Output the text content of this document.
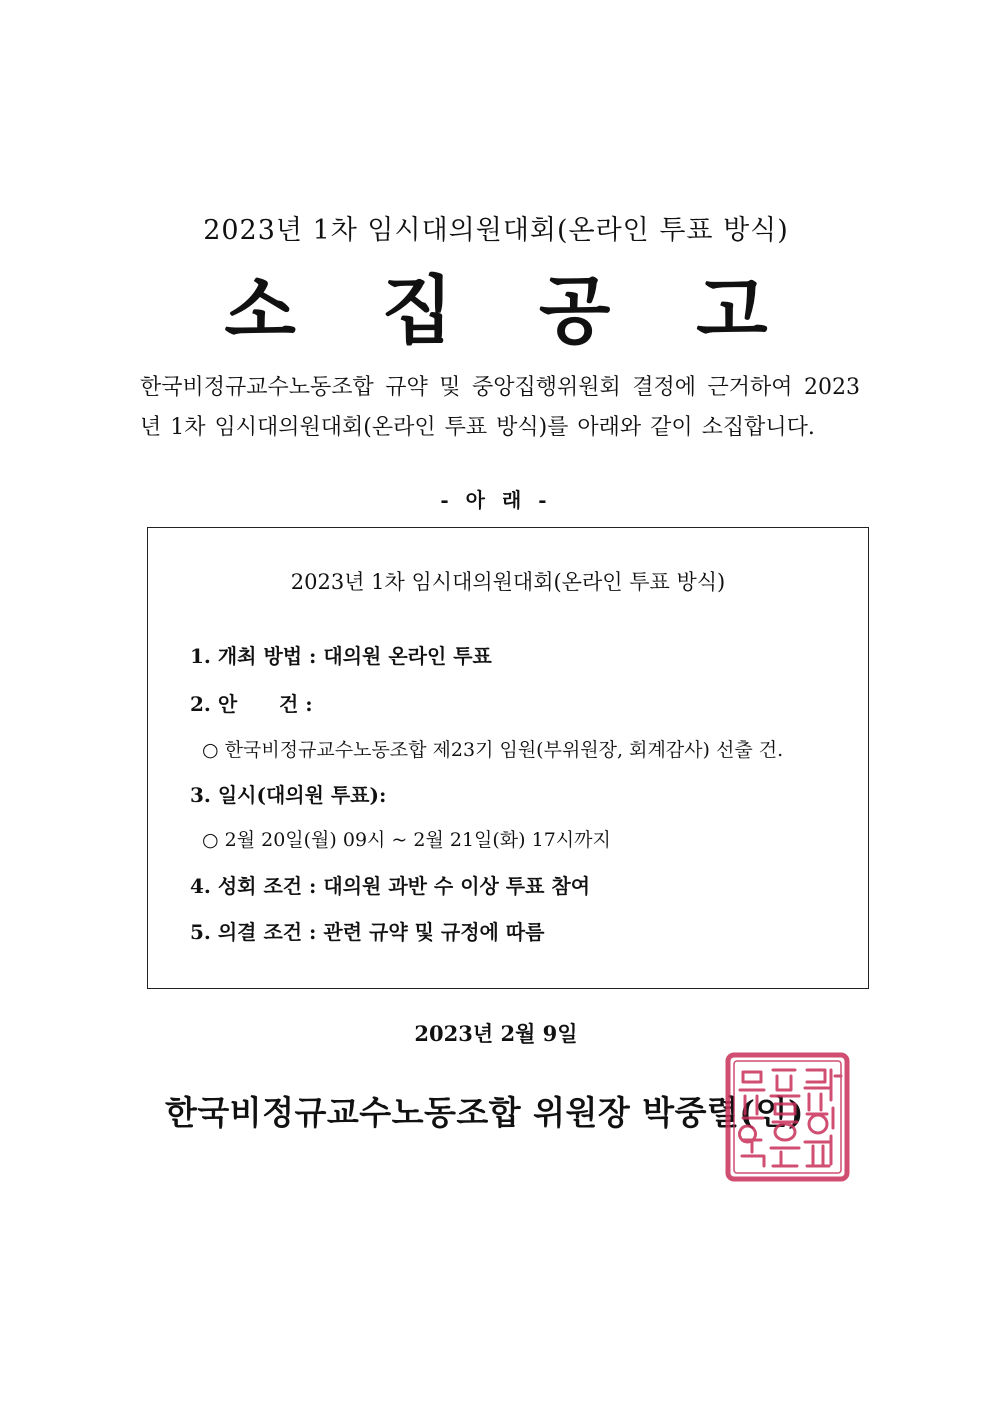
2023년 1차 임시대의원대회(온라인 투표 방식)
소 집 공 고
한국비정규교수노동조합 규약 및 중앙집행위원회 결정에 근거하여 2023년 1차 임시대의원대회(온라인 투표 방식)를 아래와 같이 소집합니다.
- 아 래 -
2023년 1차 임시대의원대회(온라인 투표 방식)
1. 개최 방법 : 대의원 온라인 투표
2. 안      건 :
○ 한국비정규교수노동조합 제23기 임원(부위원장, 회계감사) 선출 건.
3. 일시(대의원 투표):
○ 2월 20일(월) 09시 ~ 2월 21일(화) 17시까지
4. 성회 조건 : 대의원 과반 수 이상 투표 참여
5. 의결 조건 : 관련 규약 및 규정에 따름
2023년 2월 9일
한국비정규교수노동조합 위원장 박중렬(인)
